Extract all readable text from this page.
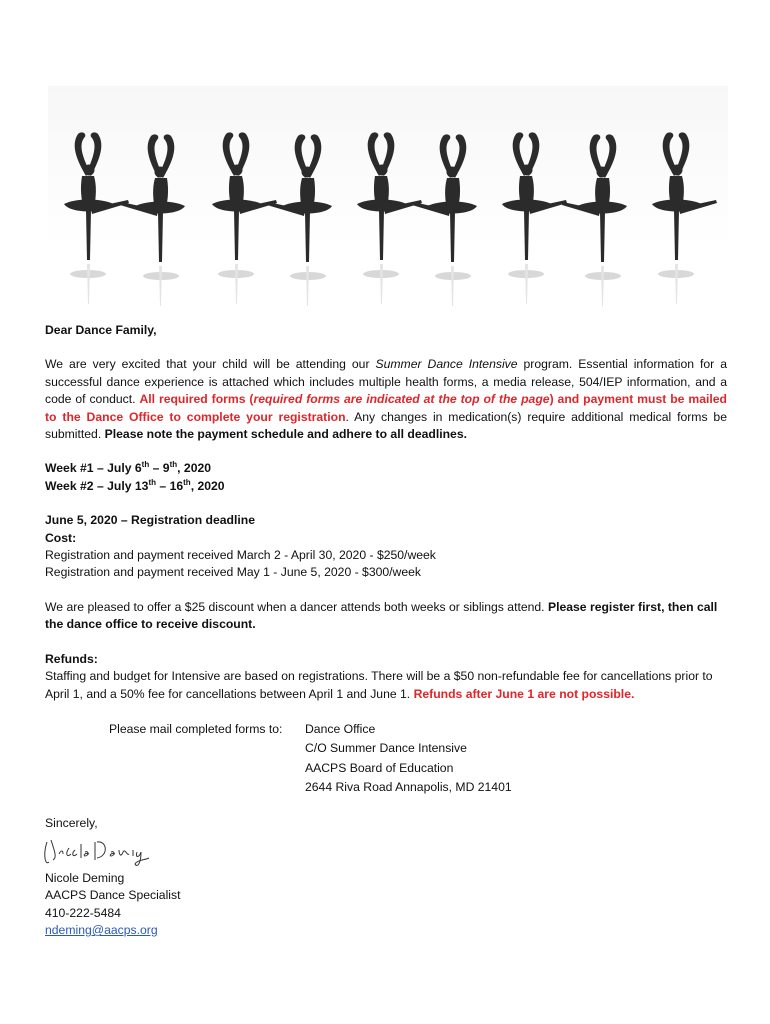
Dear Dance Family,

We are very excited that your child will be attending our Summer Dance Intensive program. Essential information for a successful dance experience is attached which includes multiple health forms, a media release, 504/IEP information, and a code of conduct. All required forms (required forms are indicated at the top of the page) and payment must be mailed to the Dance Office to complete your registration. Any changes in medication(s) require additional medical forms be submitted. Please note the payment schedule and adhere to all deadlines.

Week #1 – July 6th – 9th, 2020

Week #2 – July 13th – 16th, 2020

June 5, 2020 – Registration deadline

Cost:

Registration and payment received March 2 - April 30, 2020 - $250/week

Registration and payment received May 1 - June 5, 2020 - $300/week

We are pleased to offer a $25 discount when a dancer attends both weeks or siblings attend. Please register first, then call the dance office to receive discount.

Refunds:

Staffing and budget for Intensive are based on registrations. There will be a $50 non-refundable fee for cancellations prior to April 1, and a 50% fee for cancellations between April 1 and June 1. Refunds after June 1 are not possible.

Please mail completed forms to:	Dance Office
C/O Summer Dance Intensive
AACPS Board of Education
2644 Riva Road Annapolis, MD 21401

Sincerely,

Nicole Deming

AACPS Dance Specialist

410-222-5484

ndeming@aacps.org
